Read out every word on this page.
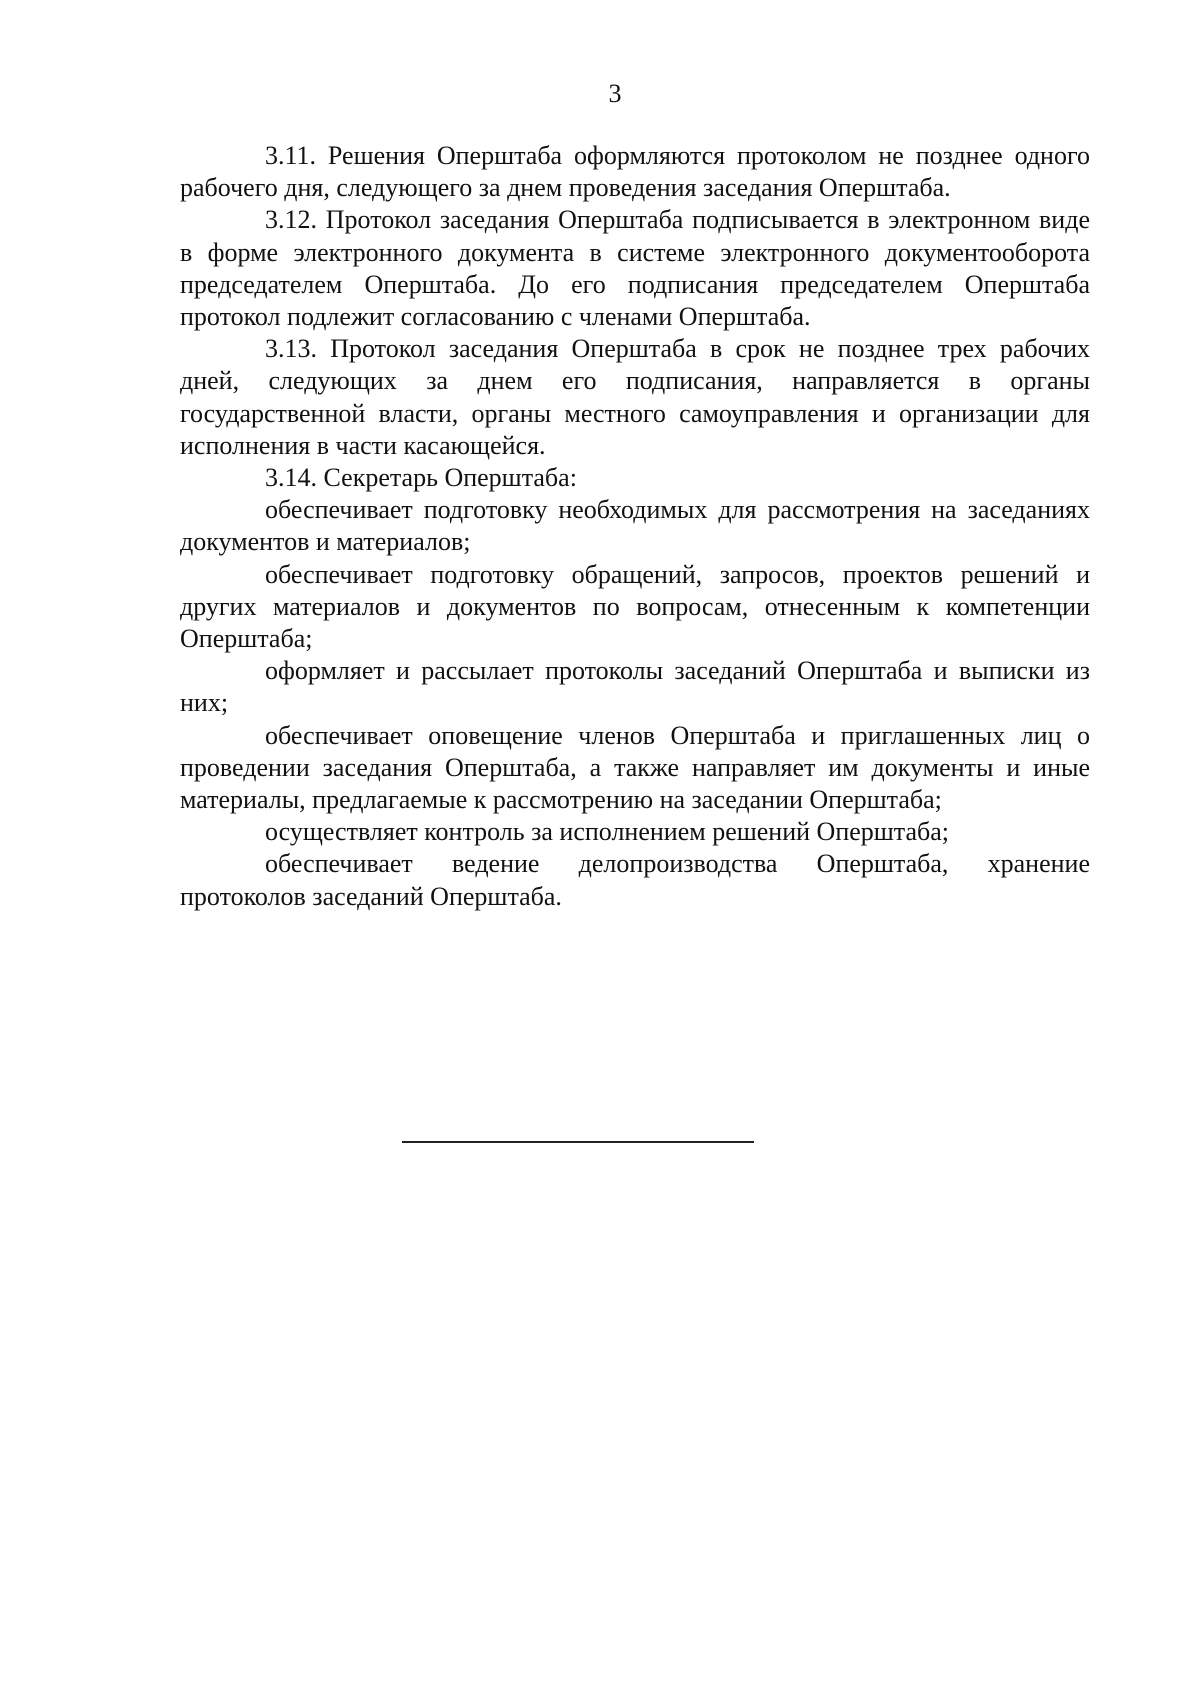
3

3.11. Решения Оперштаба оформляются протоколом не позднее одного рабочего дня, следующего за днем проведения заседания Оперштаба.

3.12. Протокол заседания Оперштаба подписывается в электронном виде в форме электронного документа в системе электронного документооборота председателем Оперштаба. До его подписания председателем Оперштаба протокол подлежит согласованию с членами Оперштаба.

3.13. Протокол заседания Оперштаба в срок не позднее трех рабочих дней, следующих за днем его подписания, направляется в органы государственной власти, органы местного самоуправления и организации для исполнения в части касающейся.

3.14. Секретарь Оперштаба:

обеспечивает подготовку необходимых для рассмотрения на заседаниях документов и материалов;

обеспечивает подготовку обращений, запросов, проектов решений и других материалов и документов по вопросам, отнесенным к компетенции Оперштаба;

оформляет и рассылает протоколы заседаний Оперштаба и выписки из них;

обеспечивает оповещение членов Оперштаба и приглашенных лиц о проведении заседания Оперштаба, а также направляет им документы и иные материалы, предлагаемые к рассмотрению на заседании Оперштаба;

осуществляет контроль за исполнением решений Оперштаба;

обеспечивает ведение делопроизводства Оперштаба, хранение протоколов заседаний Оперштаба.
